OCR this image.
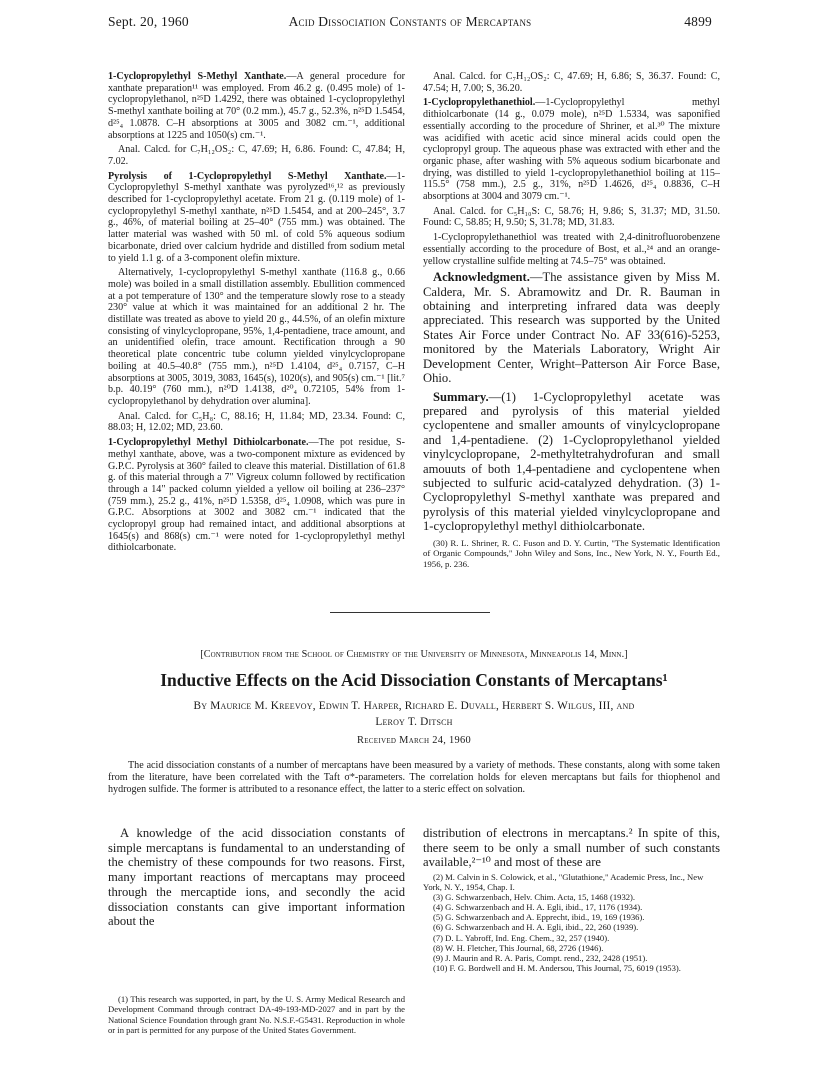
Sept. 20, 1960	Acid Dissociation Constants of Mercaptans	4899

1-Cyclopropylethyl S-Methyl Xanthate.—A general procedure for xanthate preparation¹¹ was employed. From 46.2 g. (0.495 mole) of 1-cyclopropylethanol, n²⁵D 1.4292, there was obtained 1-cyclopropylethyl S-methyl xanthate boiling at 70° (0.2 mm.), 45.7 g., 52.3%, n²⁵D 1.5454, d²⁵₄ 1.0878. C–H absorptions at 3005 and 3082 cm.⁻¹, additional absorptions at 1225 and 1050(s) cm.⁻¹.

Anal. Calcd. for C₇H₁₂OS₂: C, 47.69; H, 6.86. Found: C, 47.84; H, 7.02.

Pyrolysis of 1-Cyclopropylethyl S-Methyl Xanthate.—1-Cyclopropylethyl S-methyl xanthate was pyrolyzed¹⁶,¹² as previously described for 1-cyclopropylethyl acetate. From 21 g. (0.119 mole) of 1-cyclopropylethyl S-methyl xanthate, n²⁵D 1.5454, and at 200–245°, 3.7 g., 46%, of material boiling at 25–40° (755 mm.) was obtained. The latter material was washed with 50 ml. of cold 5% aqueous sodium bicarbonate, dried over calcium hydride and distilled from sodium metal to yield 1.1 g. of a 3-component olefin mixture.

Alternatively, 1-cyclopropylethyl S-methyl xanthate (116.8 g., 0.66 mole) was boiled in a small distillation assembly. Ebullition commenced at a pot temperature of 130° and the temperature slowly rose to a steady 230° value at which it was maintained for an additional 2 hr. The distillate was treated as above to yield 20 g., 44.5%, of an olefin mixture consisting of vinylcyclopropane, 95%, 1,4-pentadiene, trace amount, and an unidentified olefin, trace amount. Rectification through a 90 theoretical plate concentric tube column yielded vinylcyclopropane boiling at 40.5–40.8° (755 mm.), n²⁵D 1.4104, d²⁵₄ 0.7157, C–H absorptions at 3005, 3019, 3083, 1645(s), 1020(s), and 905(s) cm.⁻¹ [lit.⁷ b.p. 40.19° (760 mm.), n²⁰D 1.4138, d²⁰₄ 0.72105, 54% from 1-cyclopropylethanol by dehydration over alumina].

Anal. Calcd. for C₅H₈: C, 88.16; H, 11.84; MD, 23.34. Found: C, 88.03; H, 12.02; MD, 23.60.

1-Cyclopropylethyl Methyl Dithiolcarbonate.—The pot residue, S-methyl xanthate, above, was a two-component mixture as evidenced by G.P.C. Pyrolysis at 360° failed to cleave this material. Distillation of 61.8 g. of this material through a 7" Vigreux column followed by rectification through a 14" packed column yielded a yellow oil boiling at 236–237° (759 mm.), 25.2 g., 41%, n²⁵D 1.5358, d²⁵₄ 1.0908, which was pure in G.P.C. Absorptions at 3002 and 3082 cm.⁻¹ indicated that the cyclopropyl group had remained intact, and additional absorptions at 1645(s) and 868(s) cm.⁻¹ were noted for 1-cyclopropylethyl methyl dithiolcarbonate.

Anal. Calcd. for C₇H₁₂OS₂: C, 47.69; H, 6.86; S, 36.37. Found: C, 47.54; H, 7.00; S, 36.20.

1-Cyclopropylethanethiol.—1-Cyclopropylethyl methyl dithiolcarbonate (14 g., 0.079 mole), n²⁵D 1.5334, was saponified essentially according to the procedure of Shriner, et al.³⁰ The mixture was acidified with acetic acid since mineral acids could open the cyclopropyl group. The aqueous phase was extracted with ether and the organic phase, after washing with 5% aqueous sodium bicarbonate and drying, was distilled to yield 1-cyclopropylethanethiol boiling at 115–115.5° (758 mm.), 2.5 g., 31%, n²⁵D 1.4626, d²⁵₄ 0.8836, C–H absorptions at 3004 and 3079 cm.⁻¹.

Anal. Calcd. for C₅H₁₀S: C, 58.76; H, 9.86; S, 31.37; MD, 31.50. Found: C, 58.85; H, 9.50; S, 31.78; MD, 31.83.

1-Cyclopropylethanethiol was treated with 2,4-dinitrofluorobenzene essentially according to the procedure of Bost, et al.,²⁴ and an orange-yellow crystalline sulfide melting at 74.5–75° was obtained.

Acknowledgment.—The assistance given by Miss M. Caldera, Mr. S. Abramowitz and Dr. R. Bauman in obtaining and interpreting infrared data was deeply appreciated. This research was supported by the United States Air Force under Contract No. AF 33(616)-5253, monitored by the Materials Laboratory, Wright Air Development Center, Wright–Patterson Air Force Base, Ohio.

Summary.—(1) 1-Cyclopropylethyl acetate was prepared and pyrolysis of this material yielded cyclopentene and smaller amounts of vinylcyclopropane and 1,4-pentadiene. (2) 1-Cyclopropylethanol yielded vinylcyclopropane, 2-methyltetrahydrofuran and small amouuts of both 1,4-pentadiene and cyclopentene when subjected to sulfuric acid-catalyzed dehydration. (3) 1-Cyclopropylethyl S-methyl xanthate was prepared and pyrolysis of this material yielded vinylcyclopropane and 1-cyclopropylethyl methyl dithiolcarbonate.

(30) R. L. Shriner, R. C. Fuson and D. Y. Curtin, "The Systematic Identification of Organic Compounds," John Wiley and Sons, Inc., New York, N. Y., Fourth Ed., 1956, p. 236.

[Contribution from the School of Chemistry of the University of Minnesota, Minneapolis 14, Minn.]
Inductive Effects on the Acid Dissociation Constants of Mercaptans¹
By Maurice M. Kreevoy, Edwin T. Harper, Richard E. Duvall, Herbert S. Wilgus, III, and
Leroy T. Ditsch
Received March 24, 1960
The acid dissociation constants of a number of mercaptans have been measured by a variety of methods. These constants, along with some taken from the literature, have been correlated with the Taft σ*-parameters. The correlation holds for eleven mercaptans but fails for thiophenol and hydrogen sulfide. The former is attributed to a resonance effect, the latter to a steric effect on solvation.
A knowledge of the acid dissociation constants of simple mercaptans is fundamental to an understanding of the chemistry of these compounds for two reasons. First, many important reactions of mercaptans may proceed through the mercaptide ions, and secondly the acid dissociation constants can give important information about the
(1) This research was supported, in part, by the U. S. Army Medical Research and Development Command through contract DA-49-193-MD-2027 and in part by the National Science Foundation through grant No. N.S.F.-G5431. Reproduction in whole or in part is permitted for any purpose of the United States Government.
distribution of electrons in mercaptans.² In spite of this, there seem to be only a small number of such constants available,²⁻¹⁰ and most of these are
(2) M. Calvin in S. Colowick, et al., "Glutathione," Academic Press, Inc., New York, N. Y., 1954, Chap. I.
(3) G. Schwarzenbach, Helv. Chim. Acta, 15, 1468 (1932).
(4) G. Schwarzenbach and H. A. Egli, ibid., 17, 1176 (1934).
(5) G. Schwarzenbach and A. Epprecht, ibid., 19, 169 (1936).
(6) G. Schwarzenbach and H. A. Egli, ibid., 22, 260 (1939).
(7) D. L. Yabroff, Ind. Eng. Chem., 32, 257 (1940).
(8) W. H. Fletcher, This Journal, 68, 2726 (1946).
(9) J. Maurin and R. A. Paris, Compt. rend., 232, 2428 (1951).
(10) F. G. Bordwell and H. M. Andersou, This Journal, 75, 6019 (1953).
